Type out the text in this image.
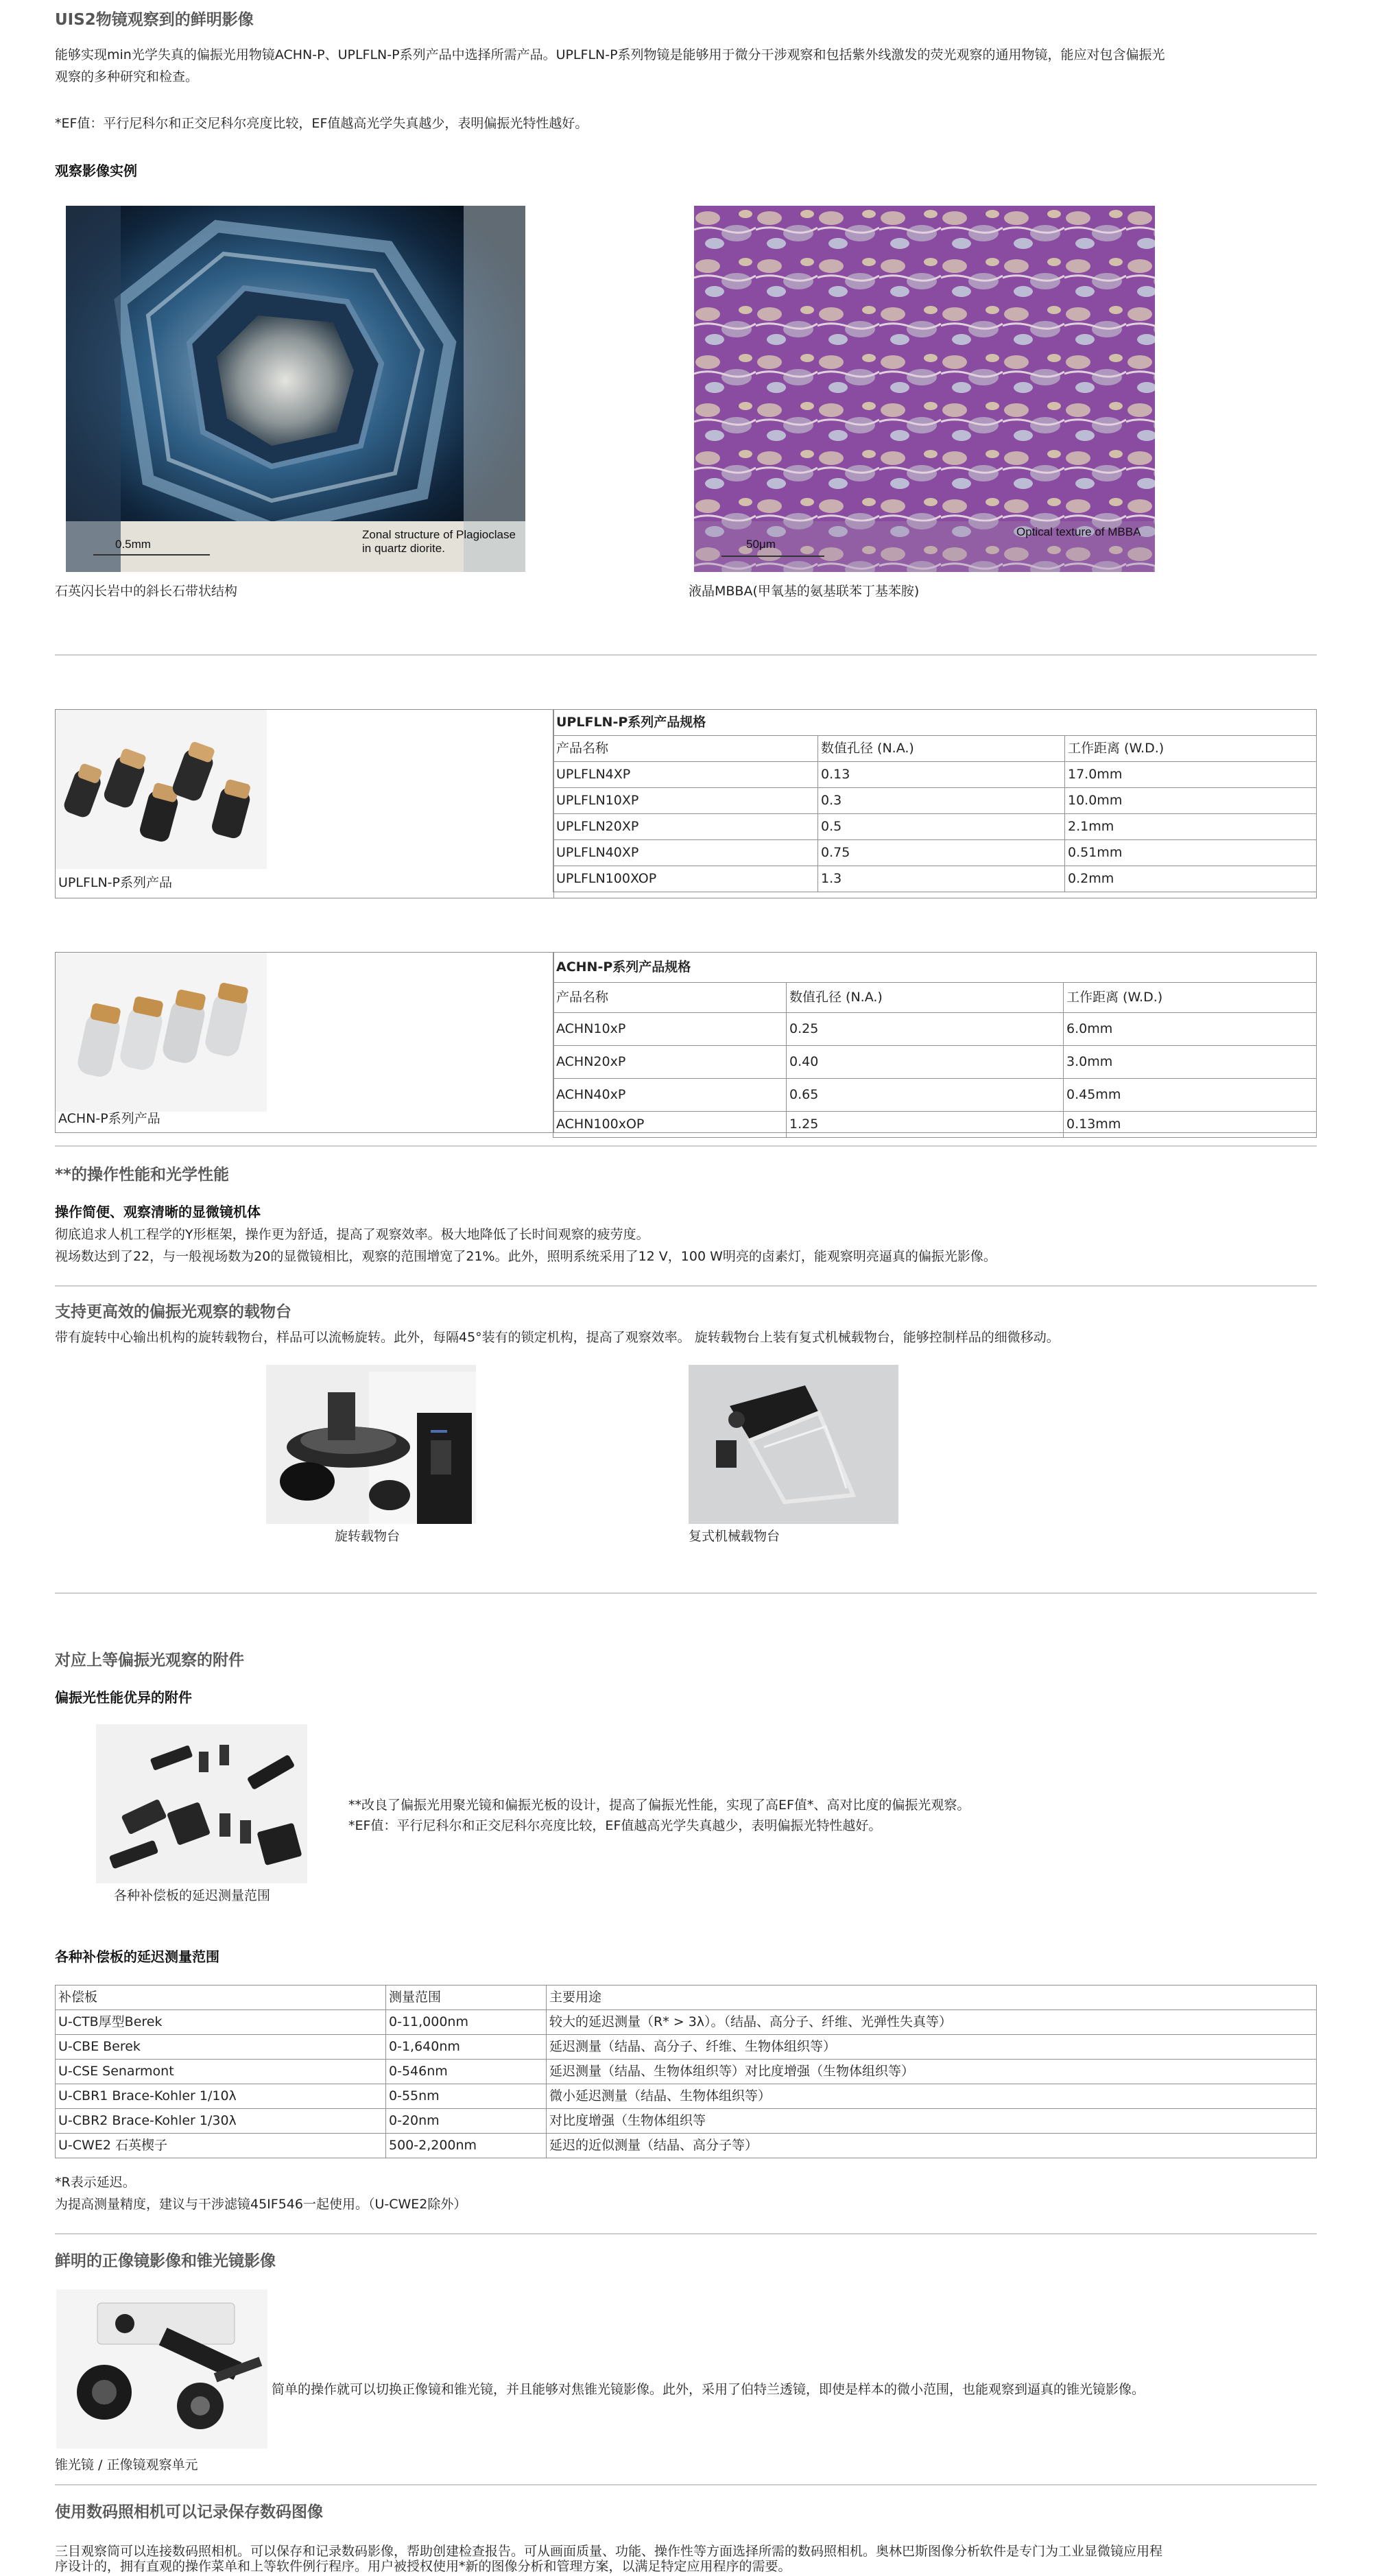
UIS2物镜观察到的鲜明影像

能够实现min光学失真的偏振光用物镜ACHN-P、UPLFLN-P系列产品中选择所需产品。UPLFLN-P系列物镜是能够用于微分干涉观察和包括紫外线激发的荧光观察的通用物镜，能应对包含偏振光

观察的多种研究和检查。

*EF值：平行尼科尔和正交尼科尔亮度比较，EF值越高光学失真越少，表明偏振光特性越好。

观察影像实例
0.5mm
Zonal structure of Plagioclase
in quartz diorite.
石英闪长岩中的斜长石带状结构
50μm
Optical texture of MBBA
液晶MBBA(甲氧基的氨基联苯丁基苯胺)
UPLFLN-P系列产品
UPLFLN-P系列产品规格		
产品名称	数值孔径 (N.A.)	工作距离 (W.D.)
UPLFLN4XP	0.13	17.0mm
UPLFLN10XP	0.3	10.0mm
UPLFLN20XP	0.5	2.1mm
UPLFLN40XP	0.75	0.51mm
UPLFLN100XOP	1.3	0.2mm
ACHN-P系列产品
ACHN-P系列产品规格		
产品名称	数值孔径 (N.A.)	工作距离 (W.D.)
ACHN10xP	0.25	6.0mm
ACHN20xP	0.40	3.0mm
ACHN40xP	0.65	0.45mm
ACHN100xOP	1.25	0.13mm
**的操作性能和光学性能
操作简便、观察清晰的显微镜机体

彻底追求人机工程学的Y形框架，操作更为舒适，提高了观察效率。极大地降低了长时间观察的疲劳度。

视场数达到了22，与一般视场数为20的显微镜相比，观察的范围增宽了21%。此外，照明系统采用了12 V，100 W明亮的卤素灯，能观察明亮逼真的偏振光影像。

支持更高效的偏振光观察的载物台

带有旋转中心输出机构的旋转载物台，样品可以流畅旋转。此外，每隔45°装有的锁定机构，提高了观察效率。 旋转载物台上装有复式机械载物台，能够控制样品的细微移动。

旋转载物台	复式机械载物台
对应上等偏振光观察的附件
偏振光性能优异的附件
各种补偿板的延迟测量范围

**改良了偏振光用聚光镜和偏振光板的设计，提高了偏振光性能，实现了高EF值*、高对比度的偏振光观察。

*EF值：平行尼科尔和正交尼科尔亮度比较，EF值越高光学失真越少，表明偏振光特性越好。

各种补偿板的延迟测量范围
补偿板	测量范围	主要用途
U-CTB厚型Berek	0-11,000nm	较大的延迟测量（R* > 3λ）。（结晶、高分子、纤维、光弹性失真等）
U-CBE Berek	0-1,640nm	延迟测量（结晶、高分子、纤维、生物体组织等）
U-CSE Senarmont	0-546nm	延迟测量（结晶、生物体组织等）对比度增强（生物体组织等）
U-CBR1 Brace-Kohler 1/10λ	0-55nm	微小延迟测量（结晶、生物体组织等）
U-CBR2 Brace-Kohler 1/30λ	0-20nm	对比度增强（生物体组织等
U-CWE2 石英楔子	500-2,200nm	延迟的近似测量（结晶、高分子等）

*R表示延迟。

为提高测量精度，建议与干涉滤镜45IF546一起使用。（U-CWE2除外）

鲜明的正像镜影像和锥光镜影像

简单的操作就可以切换正像镜和锥光镜，并且能够对焦锥光镜影像。此外，采用了伯特兰透镜，即使是样本的微小范围，也能观察到逼真的锥光镜影像。

锥光镜 / 正像镜观察单元
使用数码照相机可以记录保存数码图像

三目观察筒可以连接数码照相机。可以保存和记录数码影像，帮助创建检查报告。可从画面质量、功能、操作性等方面选择所需的数码照相机。奥林巴斯图像分析软件是专门为工业显微镜应用程

序设计的，拥有直观的操作菜单和上等软件例行程序。用户被授权使用*新的图像分析和管理方案，以满足特定应用程序的需要。
